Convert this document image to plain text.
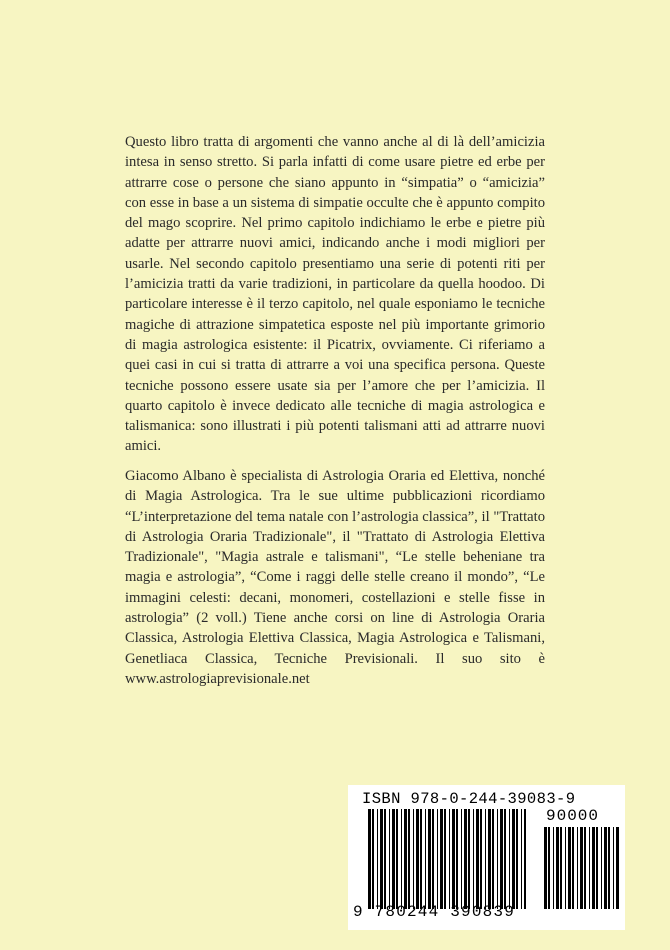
Questo libro tratta di argomenti che vanno anche al di là dell’amicizia intesa in senso stretto. Si parla infatti di come usare pietre ed erbe per attrarre cose o persone che siano appunto in “simpatia” o “amicizia” con esse in base a un sistema di simpatie occulte che è appunto compito del mago scoprire. Nel primo capitolo indichiamo le erbe e pietre più adatte per attrarre nuovi amici, indicando anche i modi migliori per usarle. Nel secondo capitolo presentiamo una serie di potenti riti per l’amicizia tratti da varie tradizioni, in particolare da quella hoodoo. Di particolare interesse è il terzo capitolo, nel quale esponiamo le tecniche magiche di attrazione simpatetica esposte nel più importante grimorio di magia astrologica esistente: il Picatrix, ovviamente. Ci riferiamo a quei casi in cui si tratta di attrarre a voi una specifica persona. Queste tecniche possono essere usate sia per l’amore che per l’amicizia. Il quarto capitolo è invece dedicato alle tecniche di magia astrologica e talismanica: sono illustrati i più potenti talismani atti ad attrarre nuovi amici.
Giacomo Albano è specialista di Astrologia Oraria ed Elettiva, nonché di Magia Astrologica. Tra le sue ultime pubblicazioni ricordiamo “L’interpretazione del tema natale con l’astrologia classica”, il "Trattato di Astrologia Oraria Tradizionale", il "Trattato di Astrologia Elettiva Tradizionale", "Magia astrale e talismani", “Le stelle beheniane tra magia e astrologia”, “Come i raggi delle stelle creano il mondo”, “Le immagini celesti: decani, monomeri, costellazioni e stelle fisse in astrologia” (2 voll.) Tiene anche corsi on line di Astrologia Oraria Classica, Astrologia Elettiva Classica, Magia Astrologica e Talismani, Genetliaca Classica, Tecniche Previsionali. Il suo sito è www.astrologiaprevisionale.net
ISBN 978-0-244-39083-9
90000
9 780244 390839
